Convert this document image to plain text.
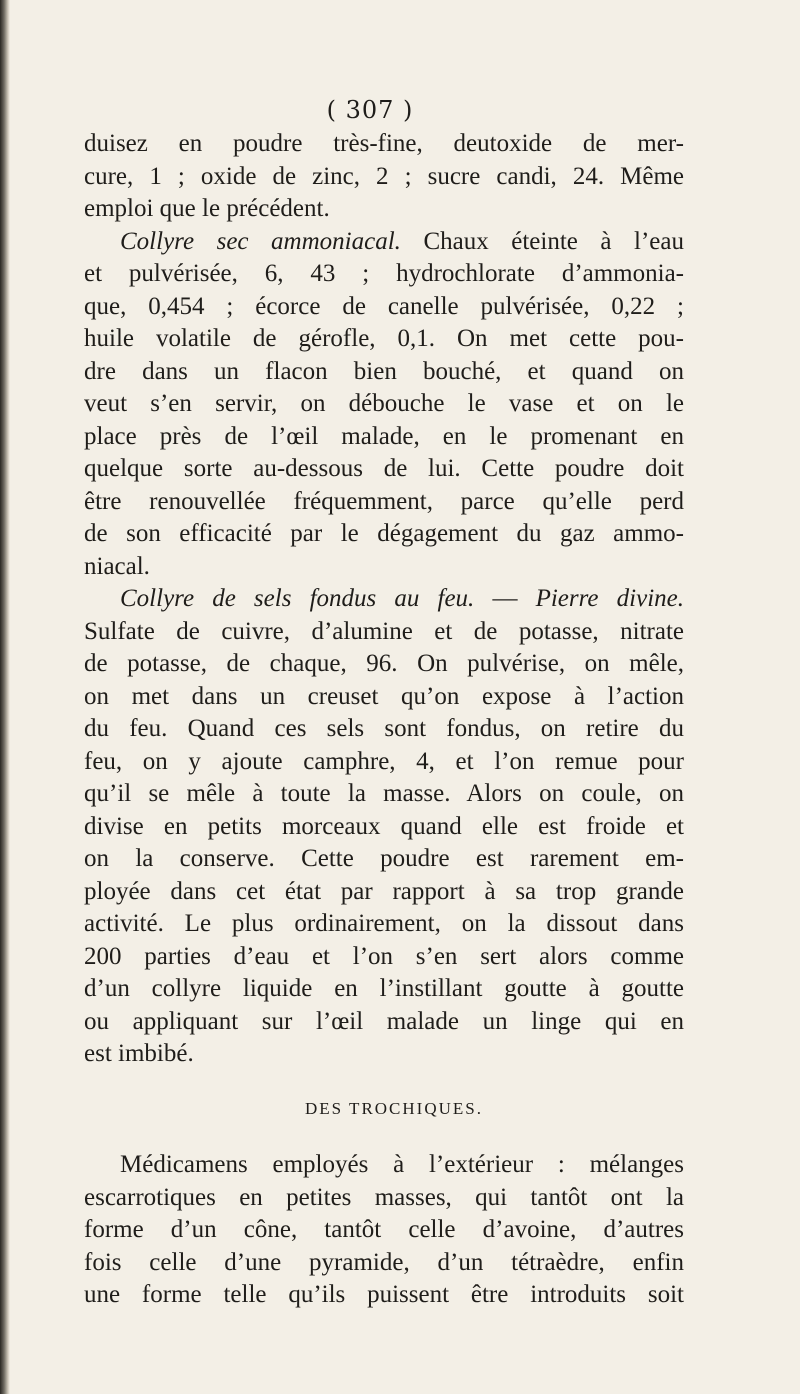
( 307 )
duisez en poudre très-fine, deutoxide de mer-
cure, 1 ; oxide de zinc, 2 ; sucre candi, 24. Même
emploi que le précédent.
Collyre sec ammoniacal. Chaux éteinte à l’eau
et pulvérisée, 6, 43 ; hydrochlorate d’ammonia-
que, 0,454 ; écorce de canelle pulvérisée, 0,22 ;
huile volatile de gérofle, 0,1. On met cette pou-
dre dans un flacon bien bouché, et quand on
veut s’en servir, on débouche le vase et on le
place près de l’œil malade, en le promenant en
quelque sorte au-dessous de lui. Cette poudre doit
être renouvellée fréquemment, parce qu’elle perd
de son efficacité par le dégagement du gaz ammo-
niacal.
Collyre de sels fondus au feu. — Pierre divine.
Sulfate de cuivre, d’alumine et de potasse, nitrate
de potasse, de chaque, 96. On pulvérise, on mêle,
on met dans un creuset qu’on expose à l’action
du feu. Quand ces sels sont fondus, on retire du
feu, on y ajoute camphre, 4, et l’on remue pour
qu’il se mêle à toute la masse. Alors on coule, on
divise en petits morceaux quand elle est froide et
on la conserve. Cette poudre est rarement em-
ployée dans cet état par rapport à sa trop grande
activité. Le plus ordinairement, on la dissout dans
200 parties d’eau et l’on s’en sert alors comme
d’un collyre liquide en l’instillant goutte à goutte
ou appliquant sur l’œil malade un linge qui en
est imbibé.
DES TROCHIQUES.
Médicamens employés à l’extérieur : mélanges
escarrotiques en petites masses, qui tantôt ont la
forme d’un cône, tantôt celle d’avoine, d’autres
fois celle d’une pyramide, d’un tétraèdre, enfin
une forme telle qu’ils puissent être introduits soit
